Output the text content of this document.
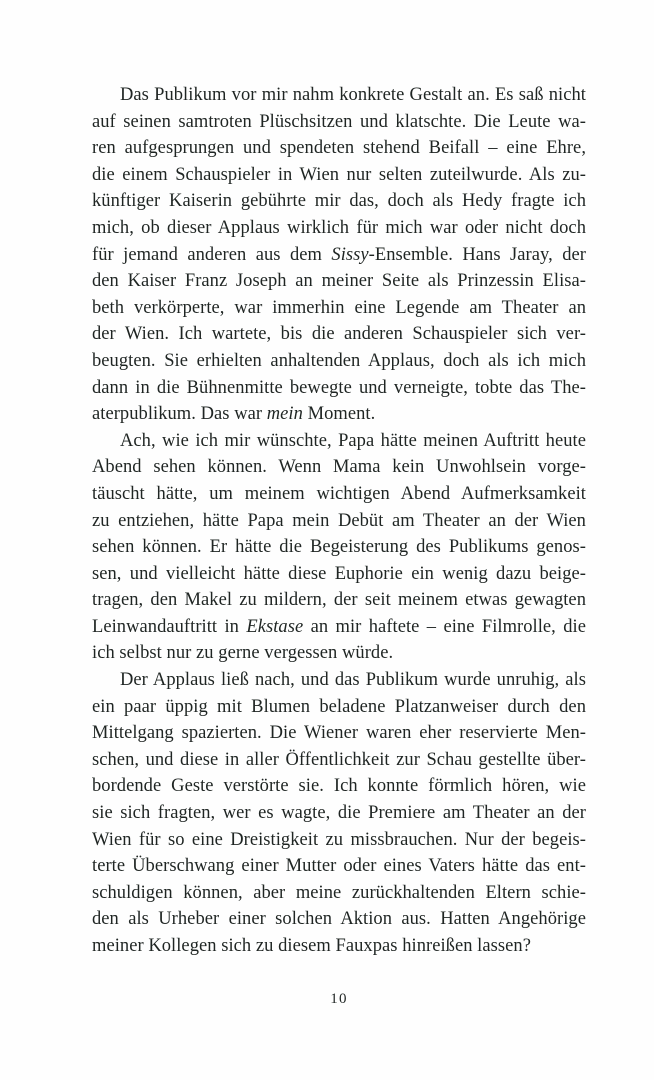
Das Publikum vor mir nahm konkrete Gestalt an. Es saß nicht
auf seinen samtroten Plüschsitzen und klatschte. Die Leute wa-
ren aufgesprungen und spendeten stehend Beifall – eine Ehre,
die einem Schauspieler in Wien nur selten zuteilwurde. Als zu-
künftiger Kaiserin gebührte mir das, doch als Hedy fragte ich
mich, ob dieser Applaus wirklich für mich war oder nicht doch
für jemand anderen aus dem Sissy-Ensemble. Hans Jaray, der
den Kaiser Franz Joseph an meiner Seite als Prinzessin Elisa-
beth verkörperte, war immerhin eine Legende am Theater an
der Wien. Ich wartete, bis die anderen Schauspieler sich ver-
beugten. Sie erhielten anhaltenden Applaus, doch als ich mich
dann in die Bühnenmitte bewegte und verneigte, tobte das The-
aterpublikum. Das war mein Moment.
Ach, wie ich mir wünschte, Papa hätte meinen Auftritt heute
Abend sehen können. Wenn Mama kein Unwohlsein vorge-
täuscht hätte, um meinem wichtigen Abend Aufmerksamkeit
zu entziehen, hätte Papa mein Debüt am Theater an der Wien
sehen können. Er hätte die Begeisterung des Publikums genos-
sen, und vielleicht hätte diese Euphorie ein wenig dazu beige-
tragen, den Makel zu mildern, der seit meinem etwas gewagten
Leinwandauftritt in Ekstase an mir haftete – eine Filmrolle, die
ich selbst nur zu gerne vergessen würde.
Der Applaus ließ nach, und das Publikum wurde unruhig, als
ein paar üppig mit Blumen beladene Platzanweiser durch den
Mittelgang spazierten. Die Wiener waren eher reservierte Men-
schen, und diese in aller Öffentlichkeit zur Schau gestellte über-
bordende Geste verstörte sie. Ich konnte förmlich hören, wie
sie sich fragten, wer es wagte, die Premiere am Theater an der
Wien für so eine Dreistigkeit zu missbrauchen. Nur der begeis-
terte Überschwang einer Mutter oder eines Vaters hätte das ent-
schuldigen können, aber meine zurückhaltenden Eltern schie-
den als Urheber einer solchen Aktion aus. Hatten Angehörige
meiner Kollegen sich zu diesem Fauxpas hinreißen lassen?
10
